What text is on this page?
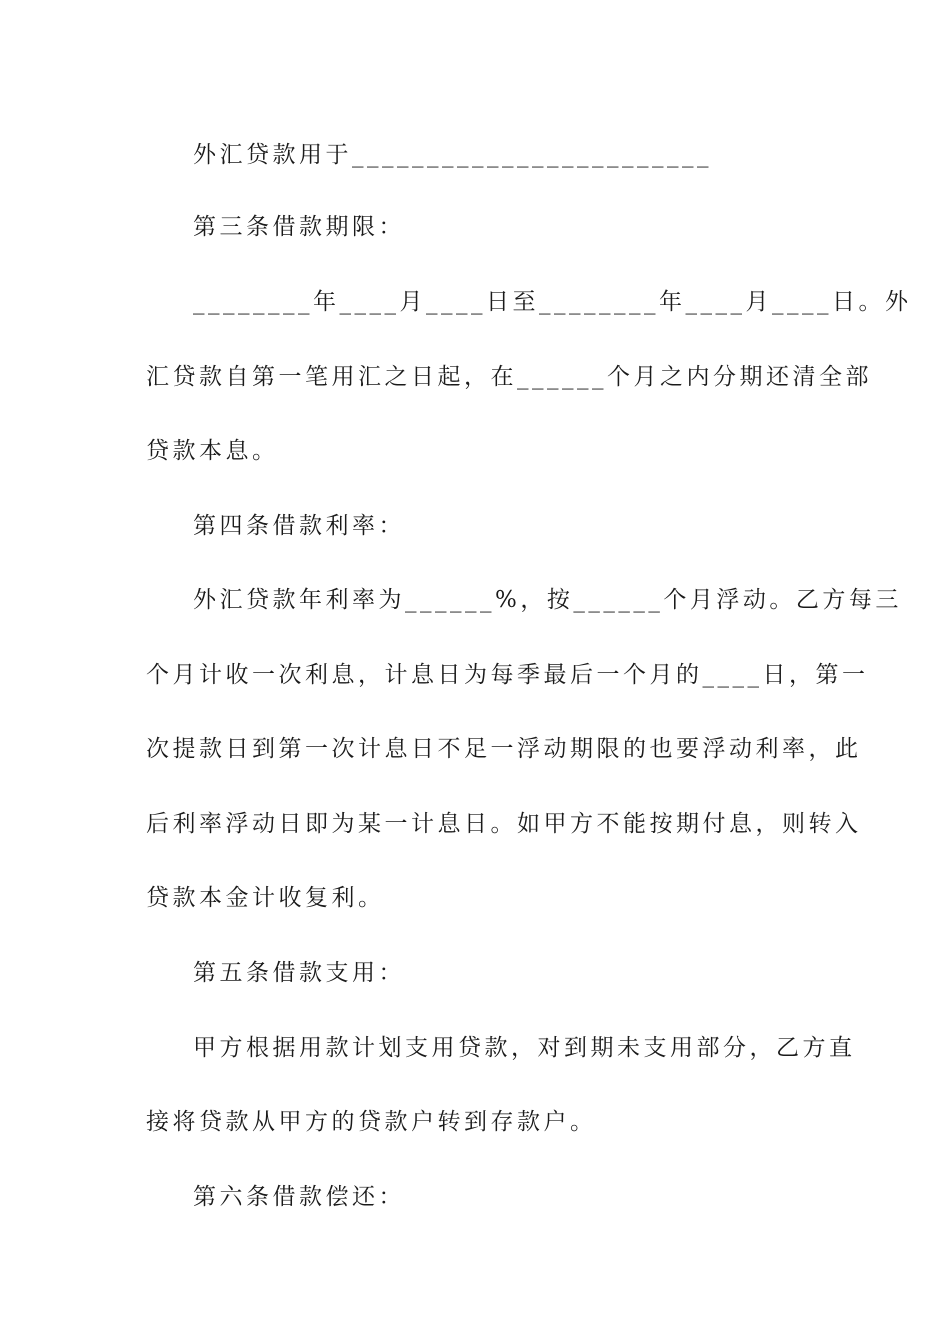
外汇贷款用于________________________
第三条借款期限：
________年____月____日至________年____月____日。外
汇贷款自第一笔用汇之日起，在______个月之内分期还清全部
贷款本息。
第四条借款利率：
外汇贷款年利率为______%，按______个月浮动。乙方每三
个月计收一次利息，计息日为每季最后一个月的____日，第一
次提款日到第一次计息日不足一浮动期限的也要浮动利率，此
后利率浮动日即为某一计息日。如甲方不能按期付息，则转入
贷款本金计收复利。
第五条借款支用：
甲方根据用款计划支用贷款，对到期未支用部分，乙方直
接将贷款从甲方的贷款户转到存款户。
第六条借款偿还：
